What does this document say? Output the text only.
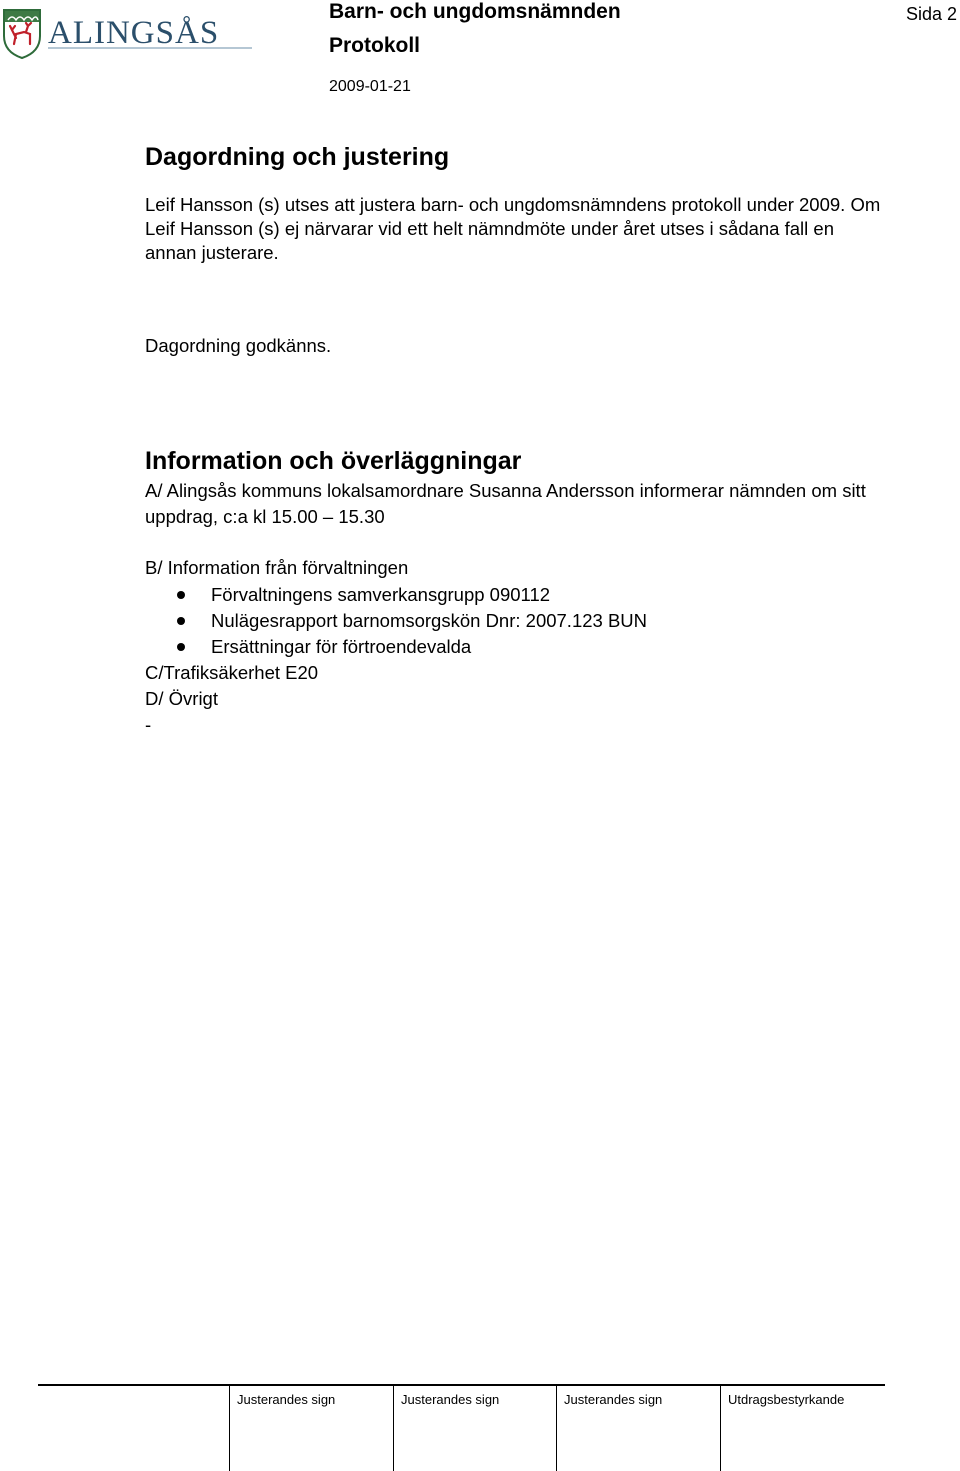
ALINGSÅS
Barn- och ungdomsnämnden
Protokoll
2009-01-21
Sida 2
Dagordning och justering
Leif Hansson (s) utses att justera barn- och ungdomsnämndens protokoll under 2009. Om Leif Hansson (s) ej närvarar vid ett helt nämndmöte under året utses i sådana fall en annan justerare.
Dagordning godkänns.
Information och överläggningar
A/ Alingsås kommuns lokalsamordnare Susanna Andersson informerar nämnden om sitt uppdrag, c:a kl 15.00 – 15.30
B/ Information från förvaltningen
Förvaltningens samverkansgrupp 090112
Nulägesrapport barnomsorgskön Dnr: 2007.123 BUN
Ersättningar för förtroendevalda
C/Trafiksäkerhet E20
D/ Övrigt
-
Justerandes sign	Justerandes sign	Justerandes sign	Utdragsbestyrkande
